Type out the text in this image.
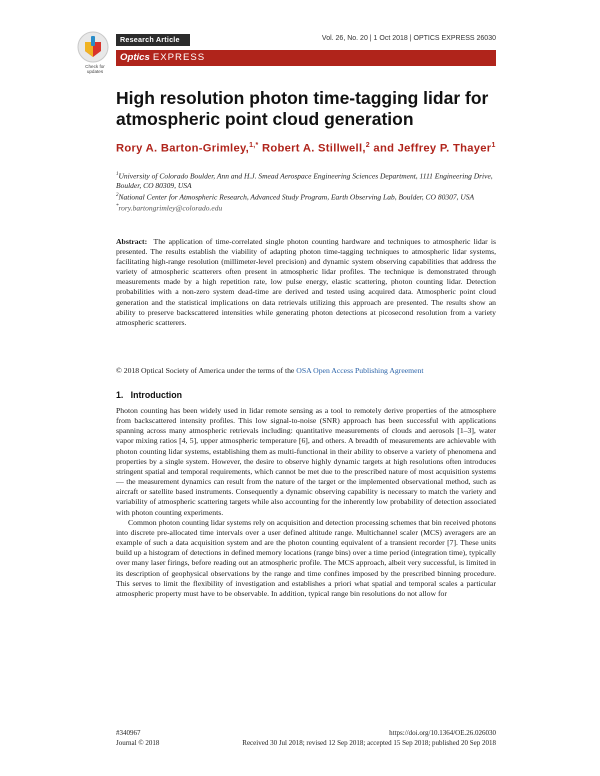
Check for updates
Research Article	Vol. 26, No. 20 | 1 Oct 2018 | OPTICS EXPRESS 26030
Optics EXPRESS
High resolution photon time-tagging lidar for atmospheric point cloud generation
Rory A. Barton-Grimley,$^{1,*}$ Robert A. Stillwell,$^2$ and Jeffrey P. Thayer$^1$

$^1$University of Colorado Boulder, Ann and H.J. Smead Aerospace Engineering Sciences Department, 1111 Engineering Drive, Boulder, CO 80309, USA

$^2$National Center for Atmospheric Research, Advanced Study Program, Earth Observing Lab, Boulder, CO 80307, USA

*rory.bartongrimley@colorado.edu

Abstract: The application of time-correlated single photon counting hardware and techniques to atmospheric lidar is presented. The results establish the viability of adapting photon time-tagging techniques to atmospheric lidar systems, facilitating high-range resolution (millimeter-level precision) and dynamic system observing capabilities that address the variety of atmospheric scatterers often present in atmospheric lidar profiles. The technique is demonstrated through measurements made by a high repetition rate, low pulse energy, elastic scattering, photon counting lidar. Detection probabilities with a non-zero system dead-time are derived and tested using acquired data. Atmospheric point cloud generation and the statistical implications on data retrievals utilizing this approach are presented. The results show an ability to preserve backscattered intensities while generating photon detections at picosecond resolution from a variety atmospheric scatterers.
© 2018 Optical Society of America under the terms of the OSA Open Access Publishing Agreement
1.   Introduction

Photon counting has been widely used in lidar remote sensing as a tool to remotely derive properties of the atmosphere from backscattered intensity profiles. This low signal-to-noise (SNR) approach has been successful with applications spanning across many atmospheric retrievals including: quantitative measurements of clouds and aerosols [1–3], water vapor mixing ratios [4, 5], upper atmospheric temperature [6], and others. A breadth of measurements are achievable with photon counting lidar systems, establishing them as multi-functional in their ability to observe a variety of phenomena and properties by a single system. However, the desire to observe highly dynamic targets at high resolutions often introduces stringent spatial and temporal requirements, which cannot be met due to the prescribed nature of most acquisition systems — the measurement dynamics can result from the nature of the target or the implemented observational method, such as aircraft or satellite based instruments. Consequently a dynamic observing capability is necessary to match the variety and variability of atmospheric scattering targets while also accounting for the inherently low probability of detection associated with photon counting experiments.

Common photon counting lidar systems rely on acquisition and detection processing schemes that bin received photons into discrete pre-allocated time intervals over a user defined altitude range. Multichannel scaler (MCS) averagers are an example of such a data acquisition system and are the photon counting equivalent of a transient recorder [7]. These units build up a histogram of detections in defined memory locations (range bins) over a time period (integration time), typically over many laser firings, before reading out an atmospheric profile. The MCS approach, albeit very successful, is limited in its description of geophysical observations by the range and time confines imposed by the prescribed binning procedure. This serves to limit the flexibility of investigation and establishes a priori what spatial and temporal scales a particular atmospheric property must have to be observable. In addition, typical range bin resolutions do not allow for

#340967
Journal © 2018
https://doi.org/10.1364/OE.26.026030
Received 30 Jul 2018; revised 12 Sep 2018; accepted 15 Sep 2018; published 20 Sep 2018
